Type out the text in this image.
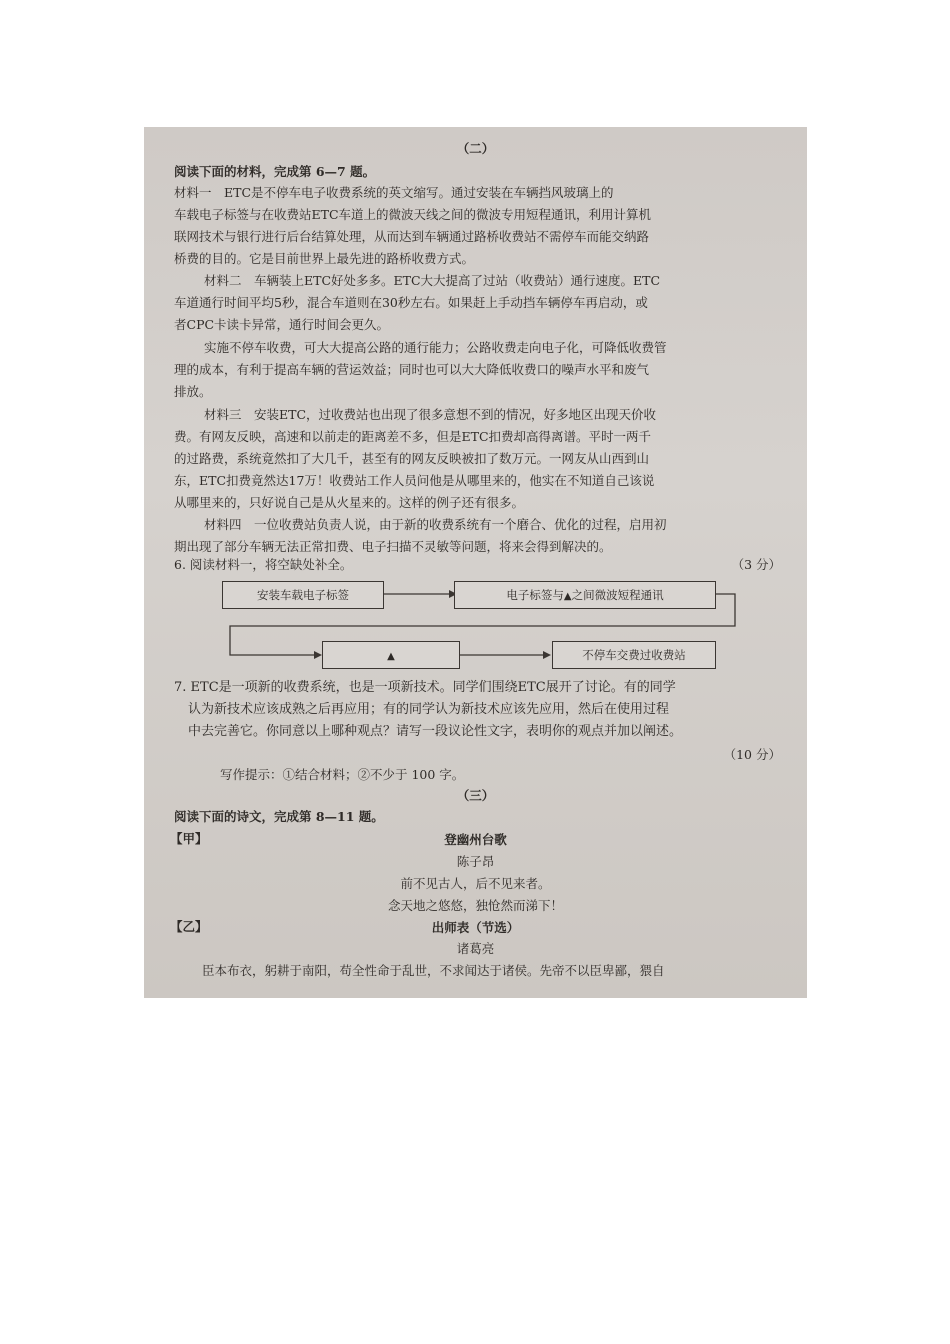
（二）
阅读下面的材料，完成第 6—7 题。
材料一　ETC是不停车电子收费系统的英文缩写。通过安装在车辆挡风玻璃上的
车载电子标签与在收费站ETC车道上的微波天线之间的微波专用短程通讯，利用计算机
联网技术与银行进行后台结算处理，从而达到车辆通过路桥收费站不需停车而能交纳路
桥费的目的。它是目前世界上最先进的路桥收费方式。
材料二　车辆装上ETC好处多多。ETC大大提高了过站（收费站）通行速度。ETC
车道通行时间平均5秒，混合车道则在30秒左右。如果赶上手动挡车辆停车再启动，或
者CPC卡读卡异常，通行时间会更久。
实施不停车收费，可大大提高公路的通行能力；公路收费走向电子化，可降低收费管
理的成本，有利于提高车辆的营运效益；同时也可以大大降低收费口的噪声水平和废气
排放。
材料三　安装ETC，过收费站也出现了很多意想不到的情况，好多地区出现天价收
费。有网友反映，高速和以前走的距离差不多，但是ETC扣费却高得离谱。平时一两千
的过路费，系统竟然扣了大几千，甚至有的网友反映被扣了数万元。一网友从山西到山
东，ETC扣费竟然达17万！收费站工作人员问他是从哪里来的，他实在不知道自己该说
从哪里来的，只好说自己是从火星来的。这样的例子还有很多。
材料四　一位收费站负责人说，由于新的收费系统有一个磨合、优化的过程，启用初
期出现了部分车辆无法正常扣费、电子扫描不灵敏等问题，将来会得到解决的。
6. 阅读材料一，将空缺处补全。	（3 分）
安装车载电子标签	电子标签与▲之间微波短程通讯
▲	不停车交费过收费站
7. ETC是一项新的收费系统，也是一项新技术。同学们围绕ETC展开了讨论。有的同学
认为新技术应该成熟之后再应用；有的同学认为新技术应该先应用，然后在使用过程
中去完善它。你同意以上哪种观点？请写一段议论性文字，表明你的观点并加以阐述。
（10 分）
写作提示：①结合材料；②不少于 100 字。
（三）
阅读下面的诗文，完成第 8—11 题。
【甲】	登幽州台歌
陈子昂
前不见古人，后不见来者。
念天地之悠悠，独怆然而涕下！
【乙】	出师表（节选）
诸葛亮
臣本布衣，躬耕于南阳，苟全性命于乱世，不求闻达于诸侯。先帝不以臣卑鄙，猥自
